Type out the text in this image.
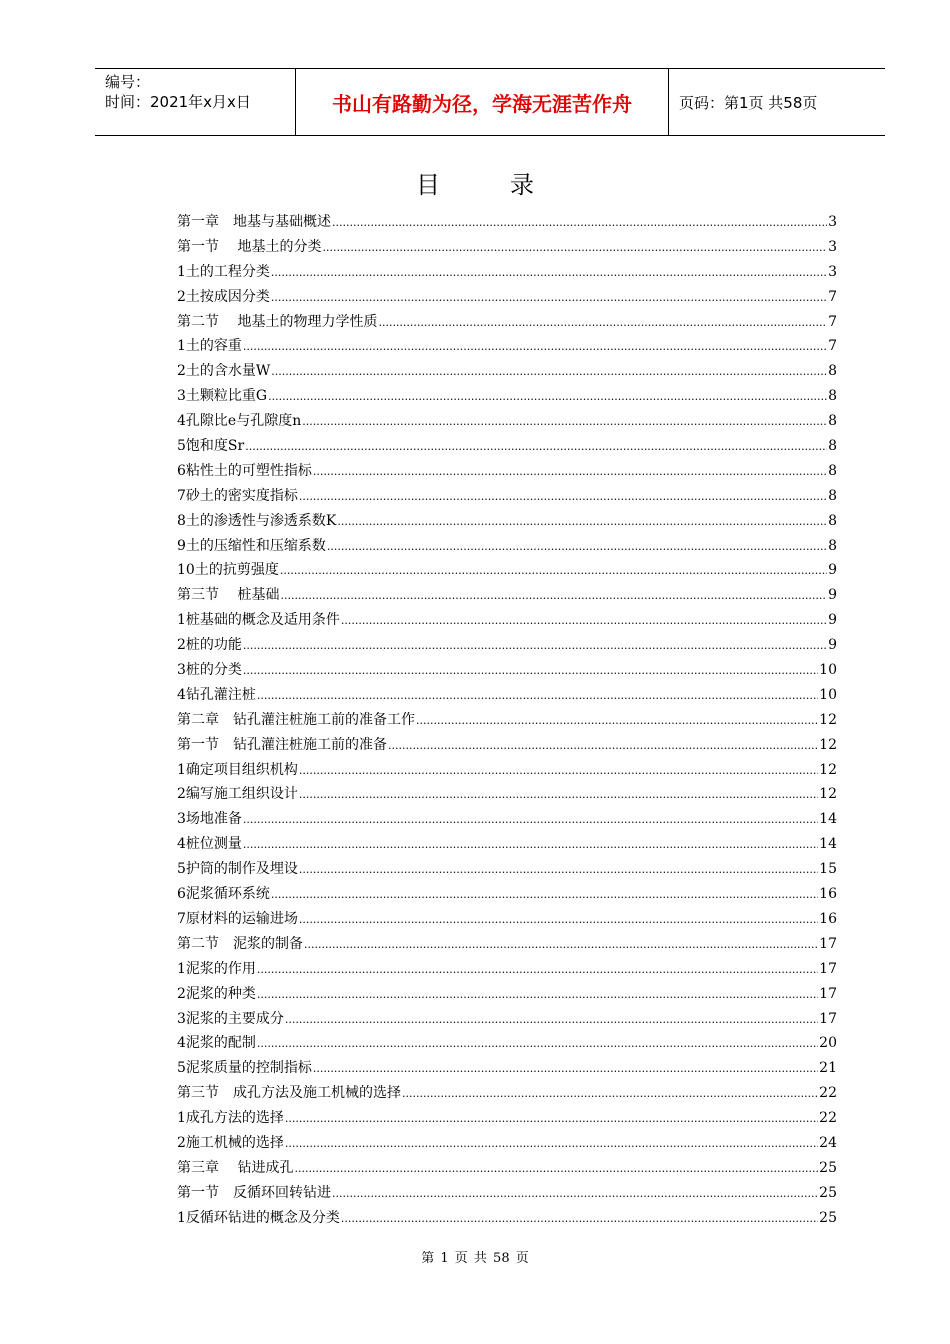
编号：
时间：2021年x月x日	书山有路勤为径，学海无涯苦作舟	页码：第1页 共58页
目录
第一章　地基与基础概述 .....	3
第一节　 地基土的分类 .....	3
1土的工程分类 .....	3
2土按成因分类 .....	7
第二节　 地基土的物理力学性质 .....	7
1土的容重 .....	7
2土的含水量W .....	8
3土颗粒比重G .....	8
4孔隙比e与孔隙度n .....	8
5饱和度Sr .....	8
6粘性土的可塑性指标 .....	8
7砂土的密实度指标 .....	8
8土的渗透性与渗透系数K .....	8
9土的压缩性和压缩系数 .....	8
10土的抗剪强度 .....	9
第三节　 桩基础 .....	9
1桩基础的概念及适用条件 .....	9
2桩的功能 .....	9
3桩的分类 .....	10
4钻孔灌注桩 .....	10
第二章　钻孔灌注桩施工前的准备工作 .....	12
第一节　钻孔灌注桩施工前的准备 .....	12
1确定项目组织机构 .....	12
2编写施工组织设计 .....	12
3场地准备 .....	14
4桩位测量 .....	14
5护筒的制作及埋设 .....	15
6泥浆循环系统 .....	16
7原材料的运输进场 .....	16
第二节　泥浆的制备 .....	17
1泥浆的作用 .....	17
2泥浆的种类 .....	17
3泥浆的主要成分 .....	17
4泥浆的配制 .....	20
5泥浆质量的控制指标 .....	21
第三节　成孔方法及施工机械的选择 .....	22
1成孔方法的选择 .....	22
2施工机械的选择 .....	24
第三章　 钻进成孔 .....	25
第一节　反循环回转钻进 .....	25
1反循环钻进的概念及分类 .....	25
第 1 页 共 58 页
